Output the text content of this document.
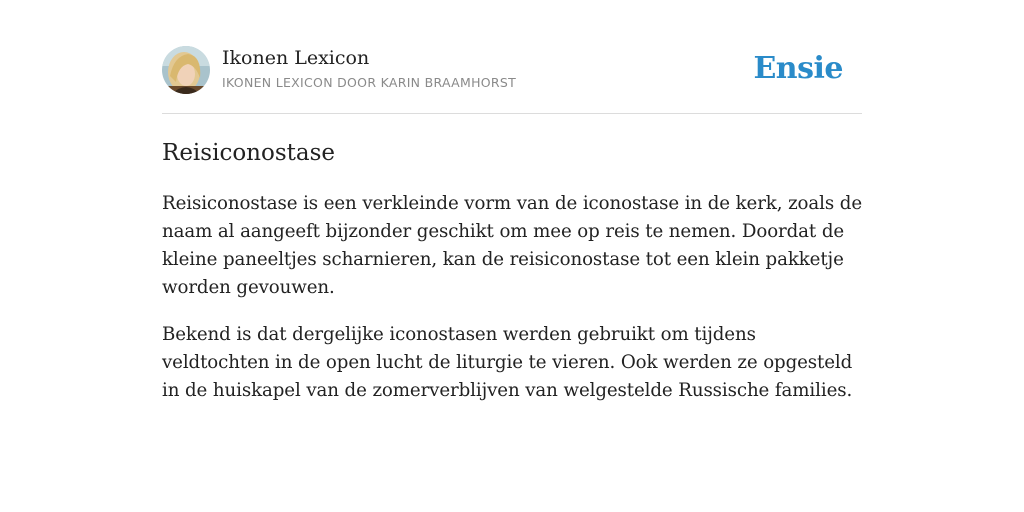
Ikonen Lexicon
IKONEN LEXICON DOOR KARIN BRAAMHORST	Ensie
Reisiconostase

Reisiconostase is een verkleinde vorm van de iconostase in de kerk, zoals de naam al aangeeft bijzonder geschikt om mee op reis te nemen. Doordat de kleine paneeltjes scharnieren, kan de reisiconostase tot een klein pakketje worden gevouwen.

Bekend is dat dergelijke iconostasen werden gebruikt om tijdens veldtochten in de open lucht de liturgie te vieren. Ook werden ze opgesteld in de huiskapel van de zomerverblijven van welgestelde Russische families.
